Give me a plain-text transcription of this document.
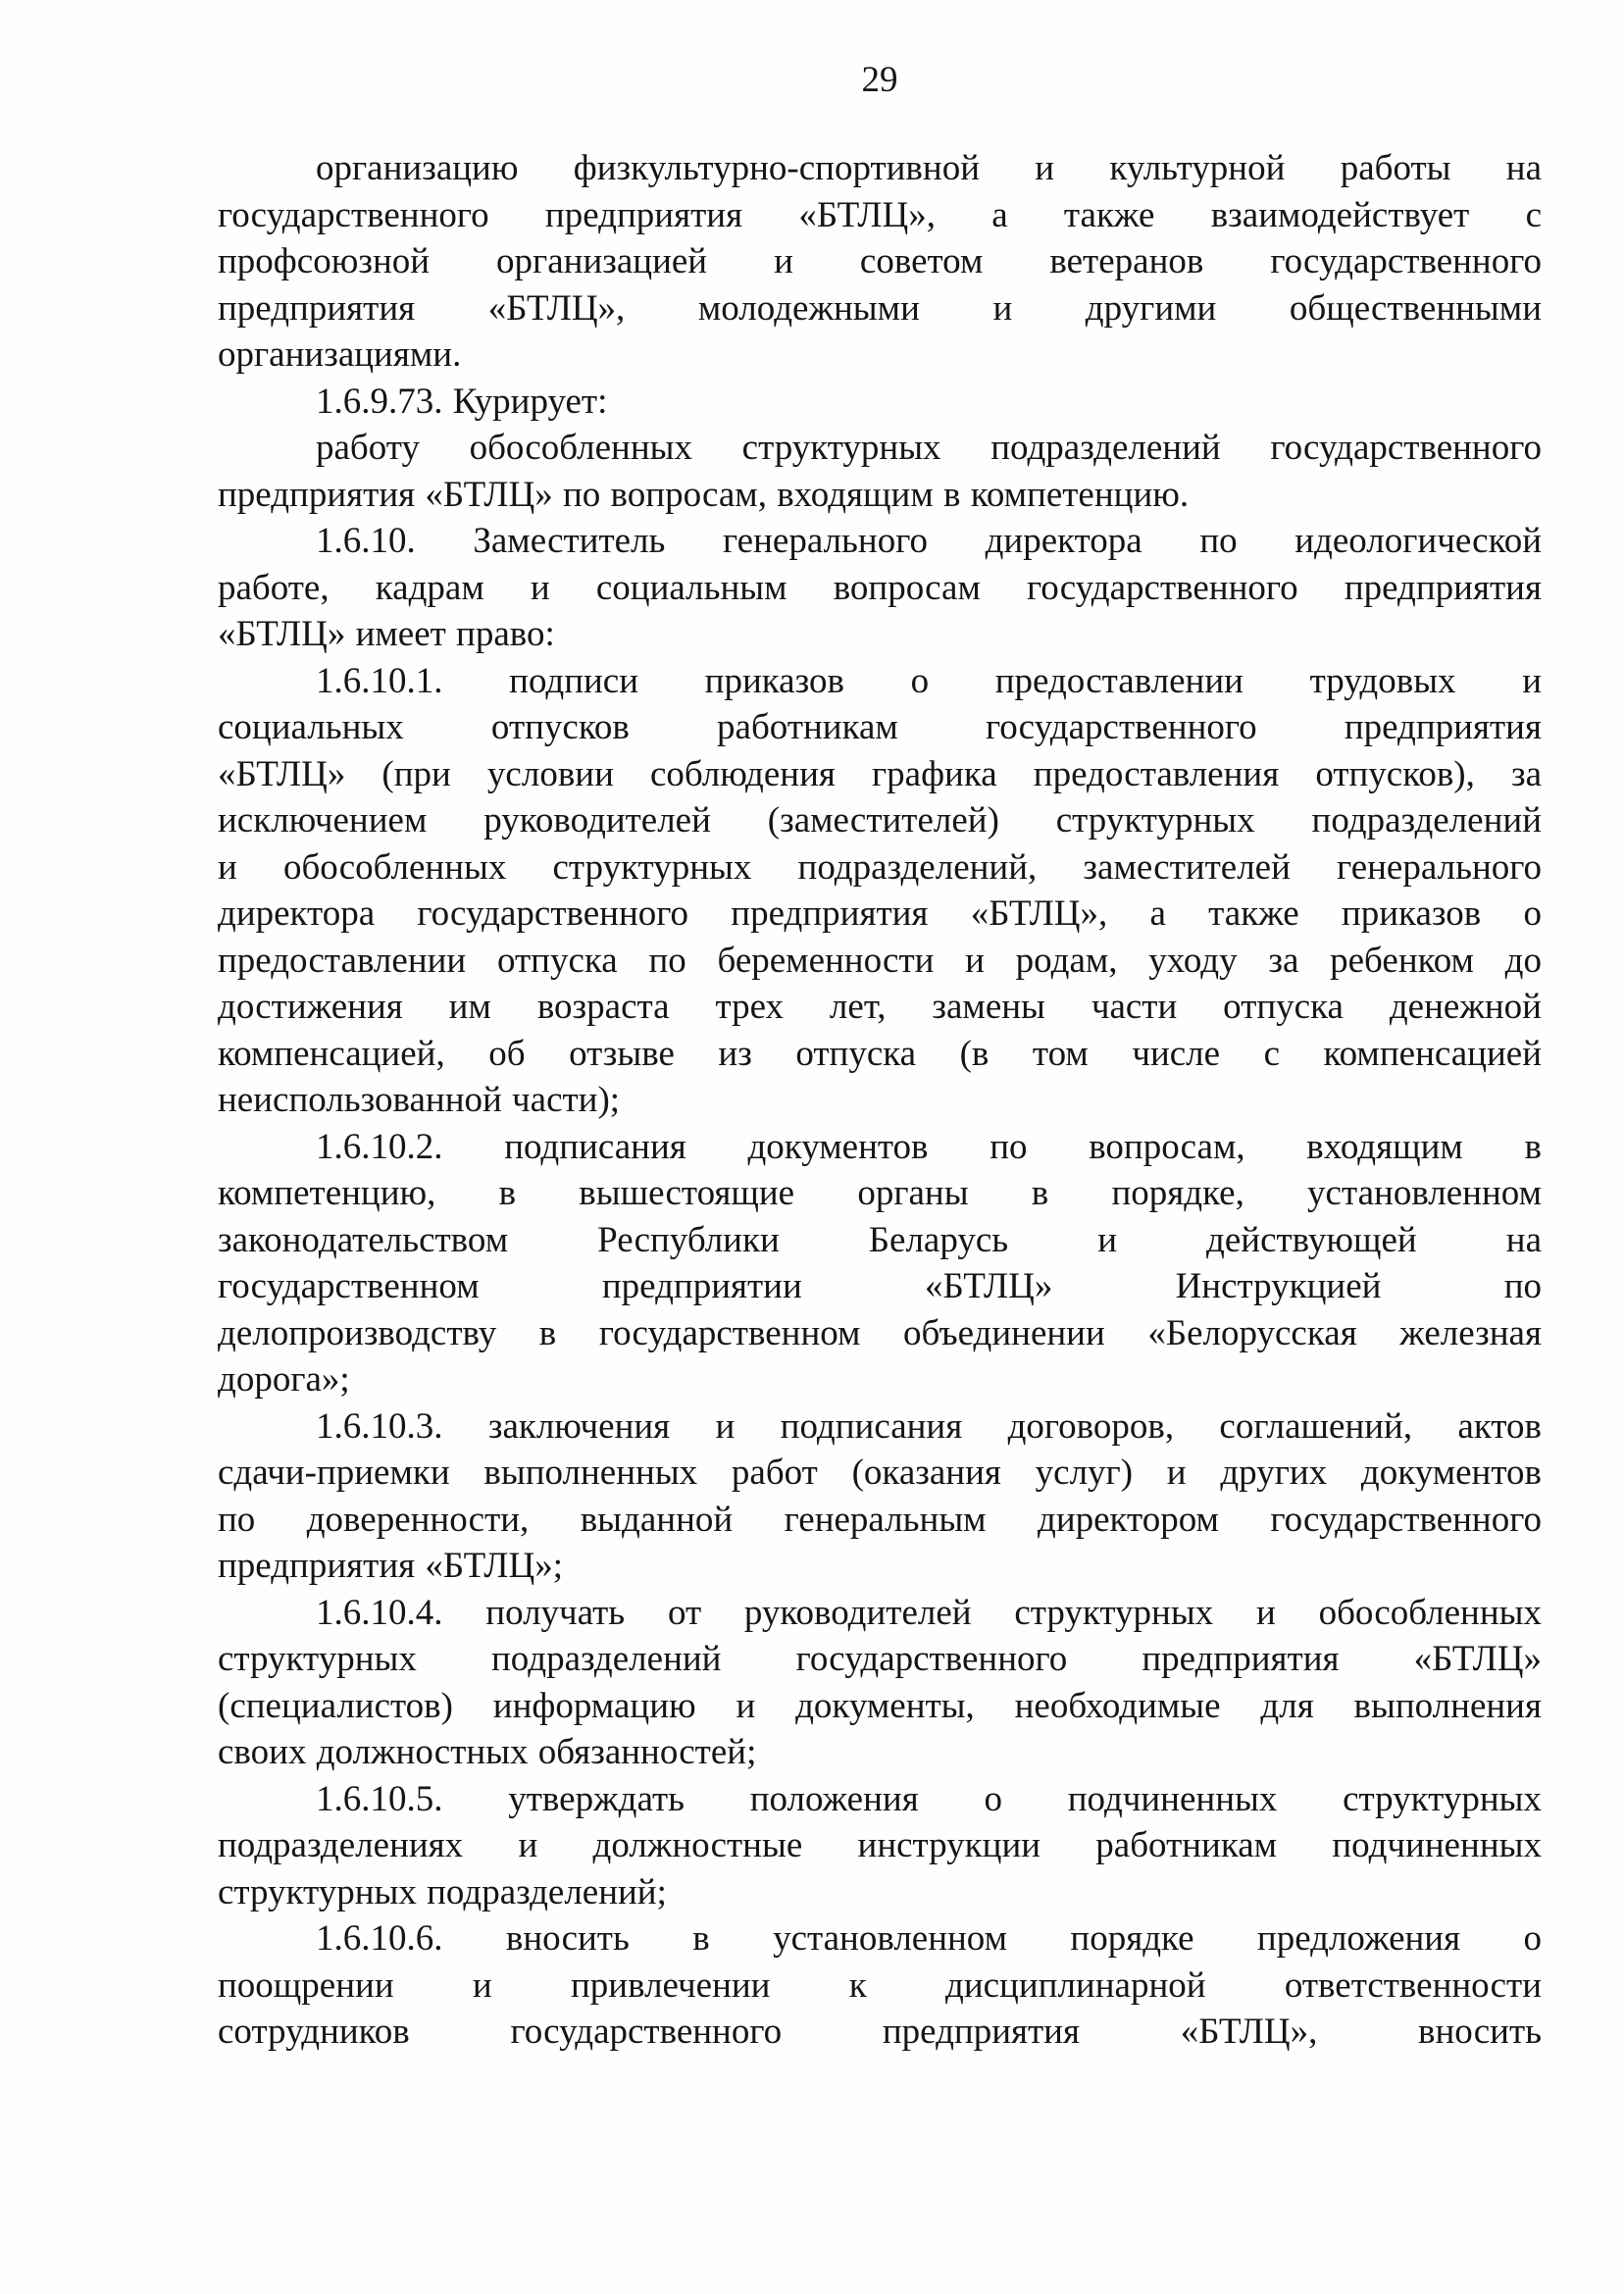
29
организацию физкультурно-спортивной и культурной работы на
государственного предприятия «БТЛЦ», а также взаимодействует с
профсоюзной организацией и советом ветеранов государственного
предприятия «БТЛЦ», молодежными и другими общественными
организациями.
1.6.9.73. Курирует:
работу обособленных структурных подразделений государственного
предприятия «БТЛЦ» по вопросам, входящим в компетенцию.
1.6.10. Заместитель генерального директора по идеологической
работе, кадрам и социальным вопросам государственного предприятия
«БТЛЦ» имеет право:
1.6.10.1. подписи приказов о предоставлении трудовых и
социальных отпусков работникам государственного предприятия
«БТЛЦ» (при условии соблюдения графика предоставления отпусков), за
исключением руководителей (заместителей) структурных подразделений
и обособленных структурных подразделений, заместителей генерального
директора государственного предприятия «БТЛЦ», а также приказов о
предоставлении отпуска по беременности и родам, уходу за ребенком до
достижения им возраста трех лет, замены части отпуска денежной
компенсацией, об отзыве из отпуска (в том числе с компенсацией
неиспользованной части);
1.6.10.2. подписания документов по вопросам, входящим в
компетенцию, в вышестоящие органы в порядке, установленном
законодательством Республики Беларусь и действующей на
государственном предприятии «БТЛЦ» Инструкцией по
делопроизводству в государственном объединении «Белорусская железная
дорога»;
1.6.10.3. заключения и подписания договоров, соглашений, актов
сдачи-приемки выполненных работ (оказания услуг) и других документов
по доверенности, выданной генеральным директором государственного
предприятия «БТЛЦ»;
1.6.10.4. получать от руководителей структурных и обособленных
структурных подразделений государственного предприятия «БТЛЦ»
(специалистов) информацию и документы, необходимые для выполнения
своих должностных обязанностей;
1.6.10.5. утверждать положения о подчиненных структурных
подразделениях и должностные инструкции работникам подчиненных
структурных подразделений;
1.6.10.6. вносить в установленном порядке предложения о
поощрении и привлечении к дисциплинарной ответственности
сотрудников государственного предприятия «БТЛЦ», вносить
